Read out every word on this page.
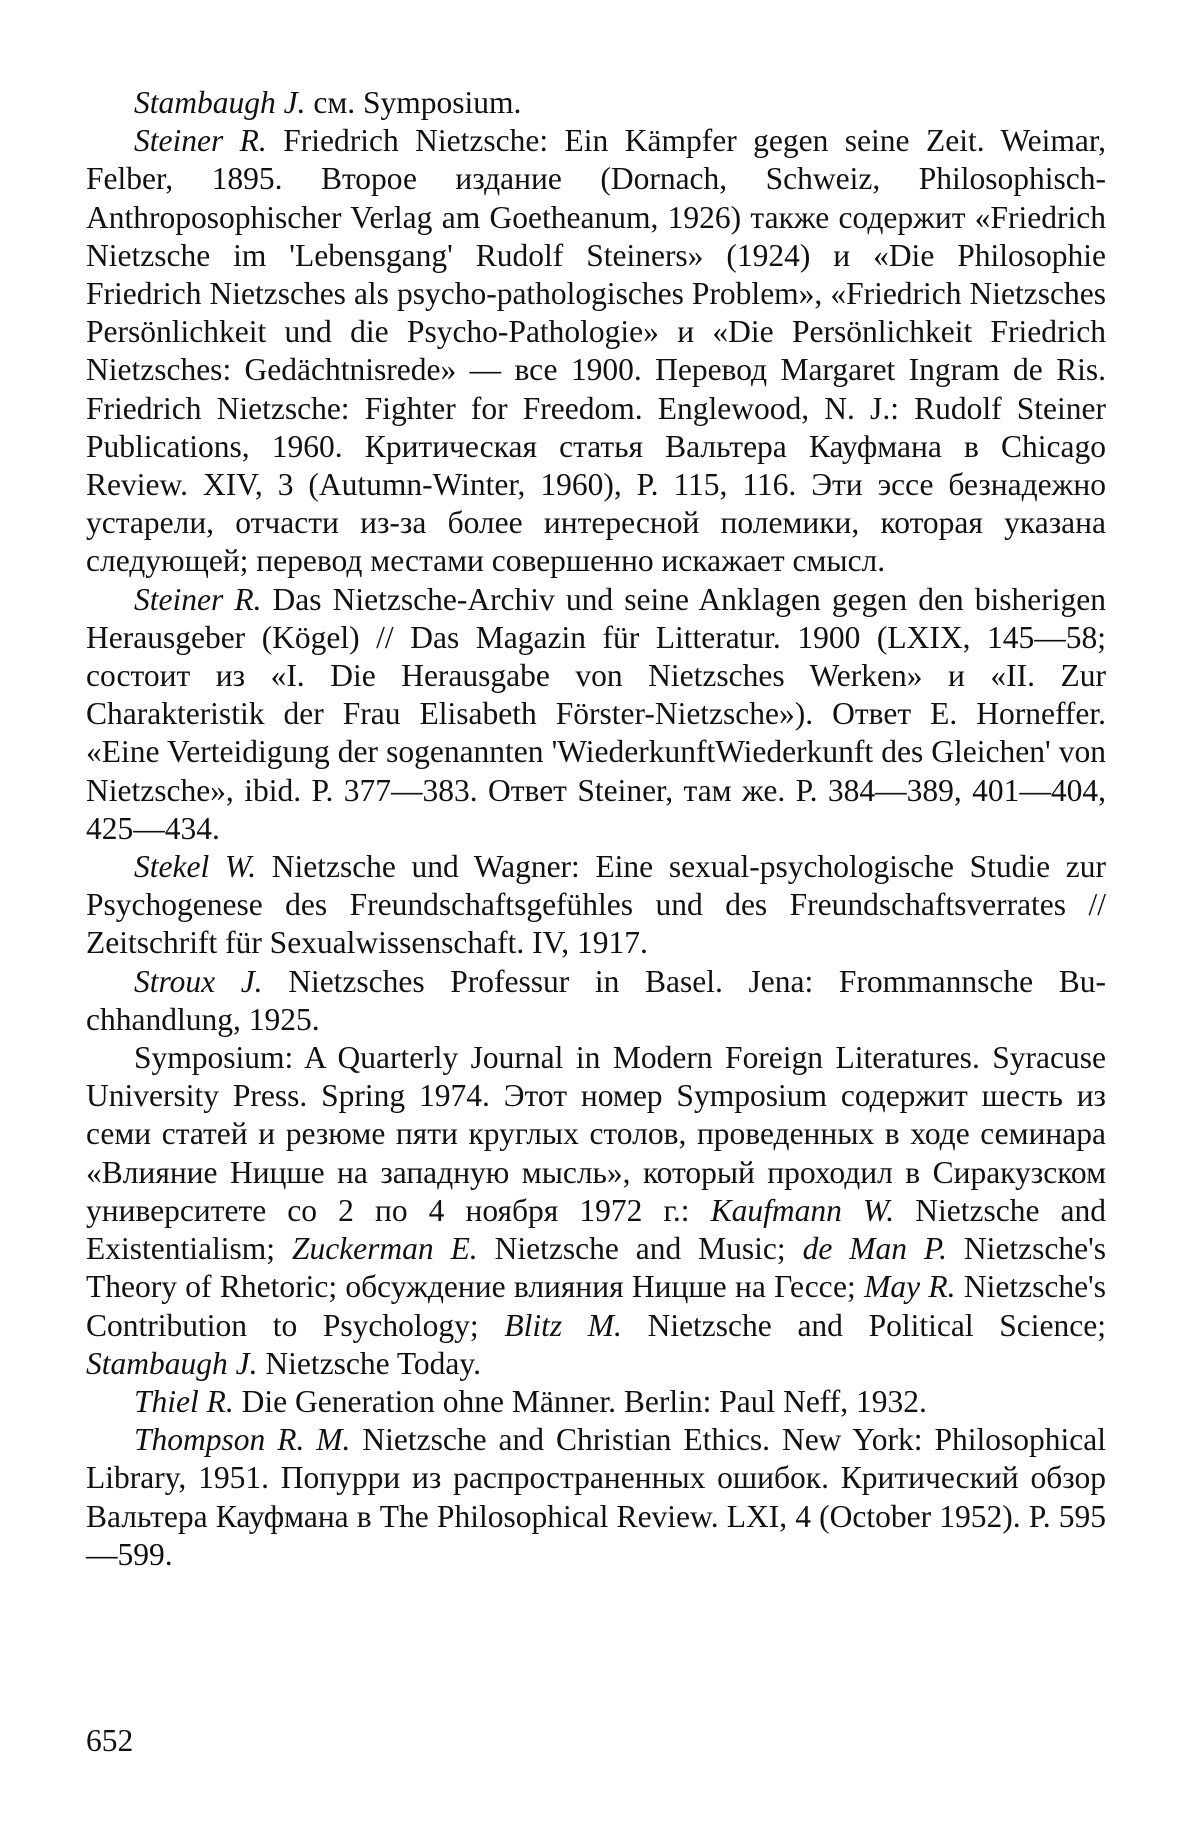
Stambaugh J. см. Symposium.

Steiner R. Friedrich Nietzsche: Ein Kämpfer gegen seine Zeit. Weimar, Felber, 1895. Второе издание (Dornach, Schweiz, Philosophisch-Anthroposophischer Verlag am Goetheanum, 1926) также содержит «Friedrich Nietzsche im 'Lebensgang' Rudolf Steiners» (1924) и «Die Philosophie Friedrich Nietzsches als psycho-pathologisches Problem», «Friedrich Nietzsches Persönlichkeit und die Psycho-Pathologie» и «Die Persönlichkeit Friedrich Nietzsches: Gedächtnisrede» — все 1900. Перевод Margaret Ingram de Ris. Friedrich Nietzsche: Fighter for Freedom. Englewood, N. J.: Rudolf Steiner Publications, 1960. Критическая статья Вальтера Кауфмана в Chicago Review. XIV, 3 (Autumn-Winter, 1960), P. 115, 116. Эти эссе безнадежно устарели, отчасти из-за более интересной полемики, которая указана следующей; перевод местами совершенно искажает смысл.

Steiner R. Das Nietzsche-Archiv und seine Anklagen gegen den bisherigen Herausgeber (Kögel) // Das Magazin für Litteratur. 1900 (LXIX, 145—58; состоит из «I. Die Herausgabe von Nietzsches Werken» и «II. Zur Charakteristik der Frau Elisabeth Förster-Nietzsche»). Ответ E. Horneffer. «Eine Verteidigung der sogenannten 'WiederkunftWiederkunft des Gleichen' von Nietzsche», ibid. P. 377—383. Ответ Steiner, там же. P. 384—389, 401—404, 425—434.

Stekel W. Nietzsche und Wagner: Eine sexual-psychologische Studie zur Psychogenese des Freundschaftsgefühles und des Freundschaftsverrates // Zeitschrift für Sexualwissenschaft. IV, 1917.

Stroux J. Nietzsches Professur in Basel. Jena: Frommannsche Buchhandlung, 1925.

Symposium: A Quarterly Journal in Modern Foreign Literatures. Syracuse University Press. Spring 1974. Этот номер Symposium содержит шесть из семи статей и резюме пяти круглых столов, проведенных в ходе семинара «Влияние Ницше на западную мысль», который проходил в Сиракузском университете со 2 по 4 ноября 1972 г.: Kaufmann W. Nietzsche and Existentialism; Zuckerman E. Nietzsche and Music; de Man P. Nietzsche's Theory of Rhetoric; обсуждение влияния Ницше на Гессе; May R. Nietzsche's Contribution to Psychology; Blitz M. Nietzsche and Political Science; Stambaugh J. Nietzsche Today.

Thiel R. Die Generation ohne Männer. Berlin: Paul Neff, 1932.

Thompson R. M. Nietzsche and Christian Ethics. New York: Philosophical Library, 1951. Попурри из распространенных ошибок. Критический обзор Вальтера Кауфмана в The Philosophical Review. LXI, 4 (October 1952). P. 595—599.

652
